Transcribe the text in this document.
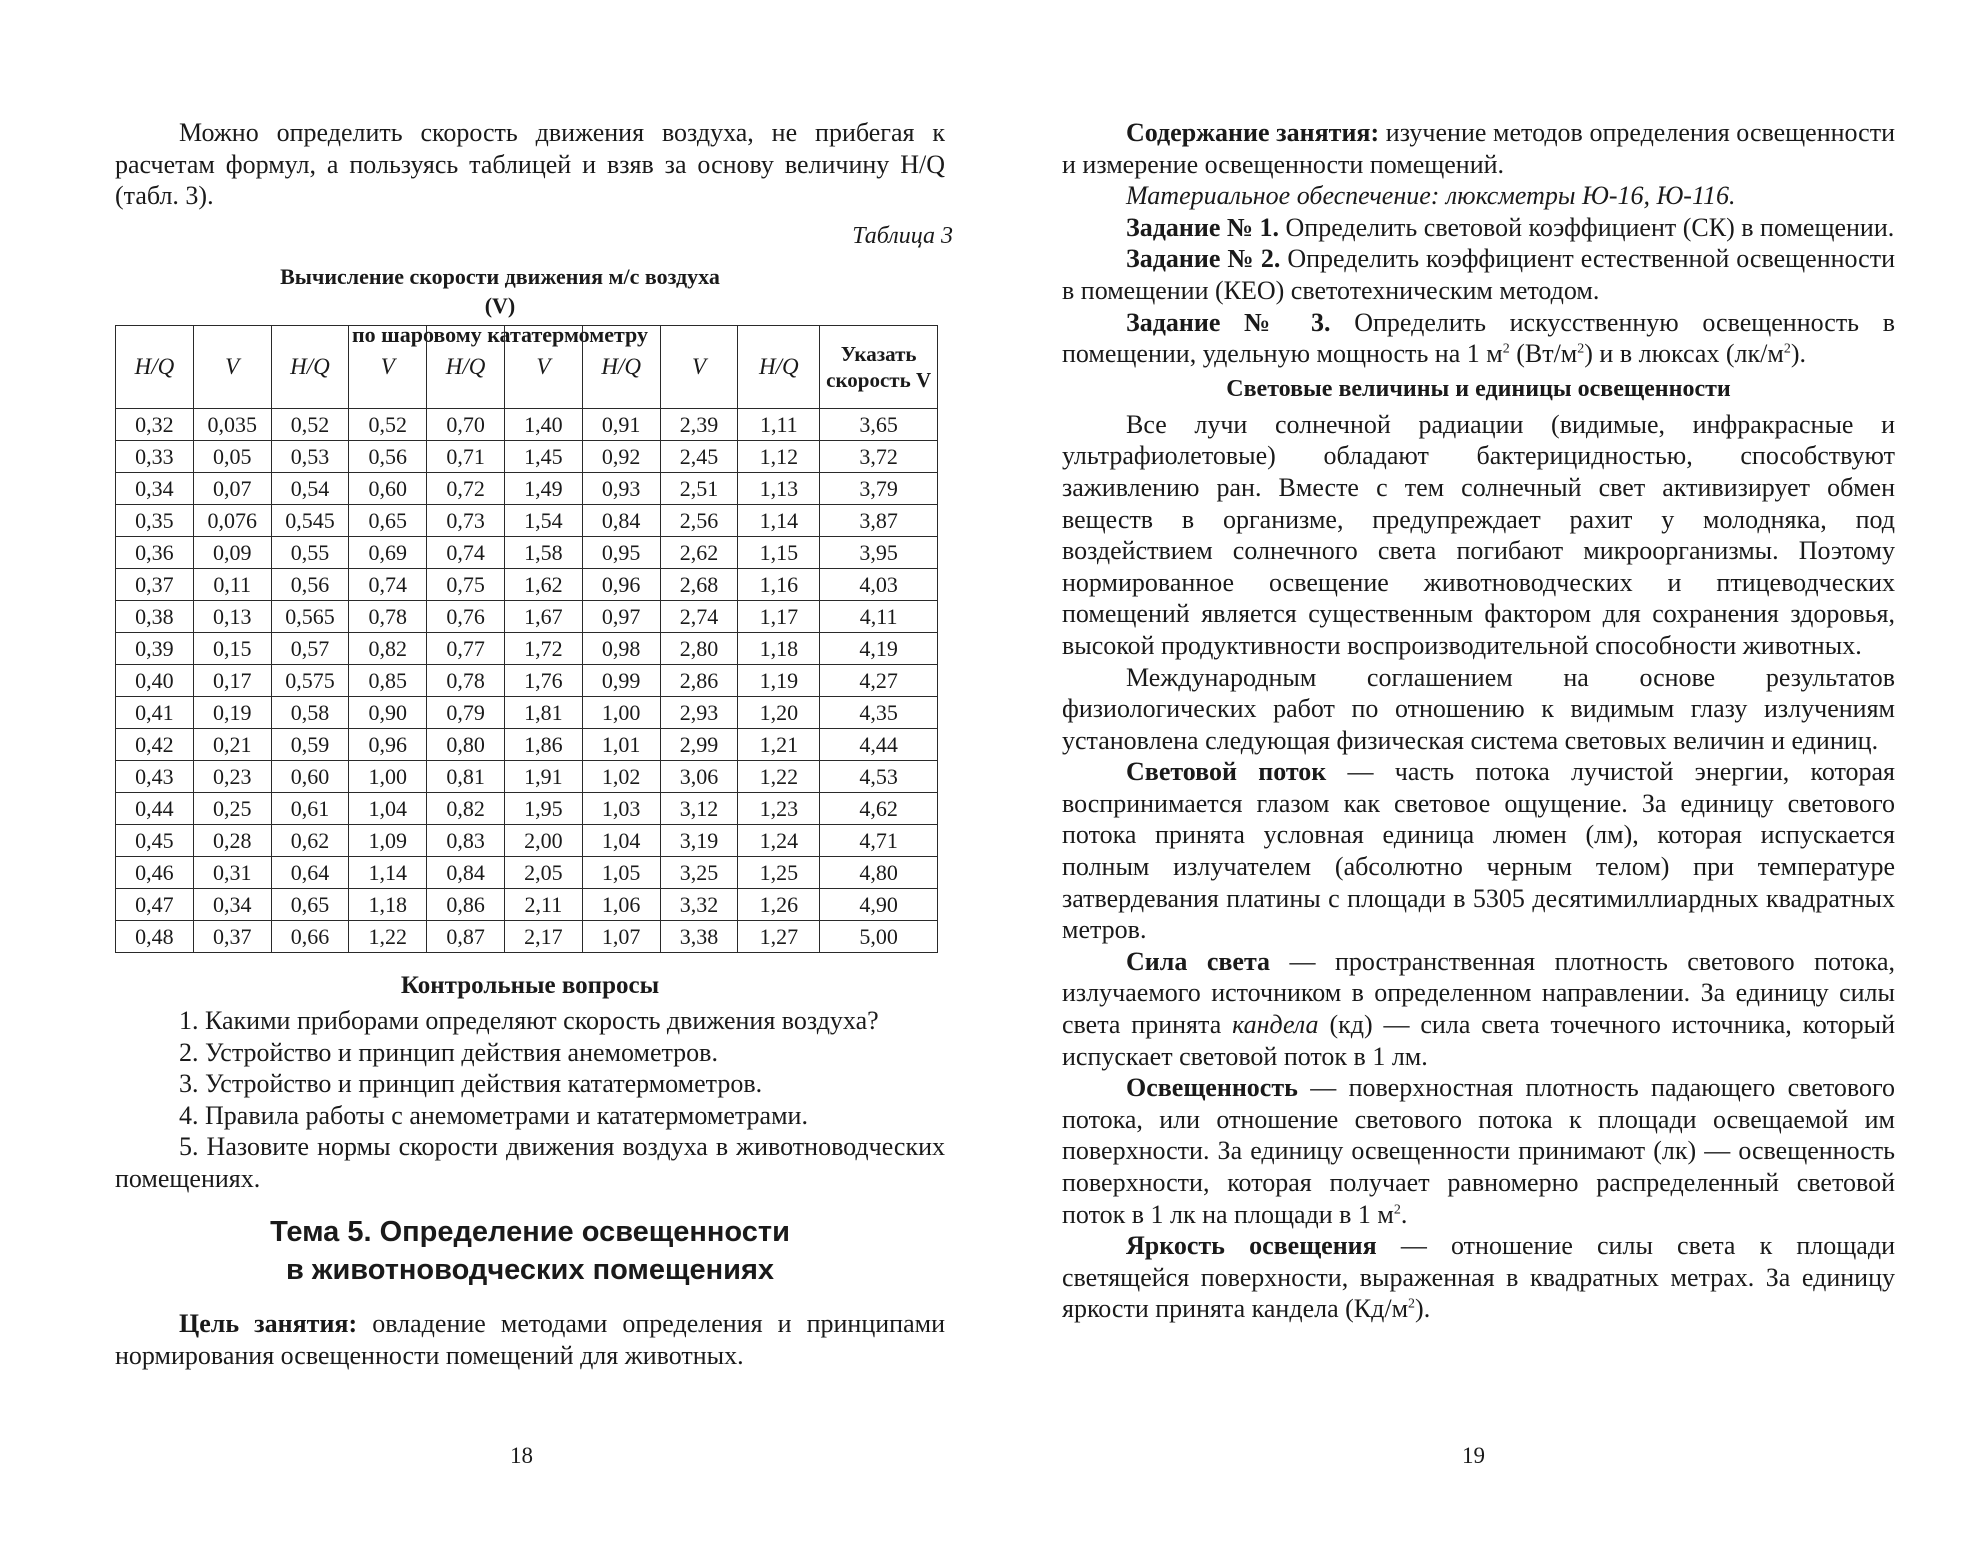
Можно определить скорость движения воздуха, не прибегая к расчетам формул, а пользуясь таблицей и взяв за основу величину H/Q (табл. 3).

Таблица 3
Вычисление скорости движения м/с воздуха (V)
по шаровому кататермометру
H/Q	V	H/Q	V	H/Q	V	H/Q	V	H/Q	Указать скорость V
0,32	0,035	0,52	0,52	0,70	1,40	0,91	2,39	1,11	3,65
0,33	0,05	0,53	0,56	0,71	1,45	0,92	2,45	1,12	3,72
0,34	0,07	0,54	0,60	0,72	1,49	0,93	2,51	1,13	3,79
0,35	0,076	0,545	0,65	0,73	1,54	0,84	2,56	1,14	3,87
0,36	0,09	0,55	0,69	0,74	1,58	0,95	2,62	1,15	3,95
0,37	0,11	0,56	0,74	0,75	1,62	0,96	2,68	1,16	4,03
0,38	0,13	0,565	0,78	0,76	1,67	0,97	2,74	1,17	4,11
0,39	0,15	0,57	0,82	0,77	1,72	0,98	2,80	1,18	4,19
0,40	0,17	0,575	0,85	0,78	1,76	0,99	2,86	1,19	4,27
0,41	0,19	0,58	0,90	0,79	1,81	1,00	2,93	1,20	4,35
0,42	0,21	0,59	0,96	0,80	1,86	1,01	2,99	1,21	4,44
0,43	0,23	0,60	1,00	0,81	1,91	1,02	3,06	1,22	4,53
0,44	0,25	0,61	1,04	0,82	1,95	1,03	3,12	1,23	4,62
0,45	0,28	0,62	1,09	0,83	2,00	1,04	3,19	1,24	4,71
0,46	0,31	0,64	1,14	0,84	2,05	1,05	3,25	1,25	4,80
0,47	0,34	0,65	1,18	0,86	2,11	1,06	3,32	1,26	4,90
0,48	0,37	0,66	1,22	0,87	2,17	1,07	3,38	1,27	5,00
Контрольные вопросы

1. Какими приборами определяют скорость движения воздуха?

2. Устройство и принцип действия анемометров.

3. Устройство и принцип действия кататермометров.

4. Правила работы с анемометрами и кататермометрами.

5. Назовите нормы скорости движения воздуха в животноводческих помещениях.

Тема 5. Определение освещенности
в животноводческих помещениях

Цель занятия: овладение методами определения и принципами нормирования освещенности помещений для животных.

Содержание занятия: изучение методов определения освещенности и измерение освещенности помещений.

Материальное обеспечение: люксметры Ю-16, Ю-116.

Задание № 1. Определить световой коэффициент (СК) в помещении.

Задание № 2. Определить коэффициент естественной освещенности в помещении (КЕО) светотехническим методом.

Задание № 3. Определить искусственную освещенность в помещении, удельную мощность на 1 $м^2$ $(Вт/м^2)$ и в люксах $(лк/м^2)$.

Световые величины и единицы освещенности

Все лучи солнечной радиации (видимые, инфракрасные и ультрафиолетовые) обладают бактерицидностью, способствуют заживлению ран. Вместе с тем солнечный свет активизирует обмен веществ в организме, предупреждает рахит у молодняка, под воздействием солнечного света погибают микроорганизмы. Поэтому нормированное освещение животноводческих и птицеводческих помещений является существенным фактором для сохранения здоровья, высокой продуктивности воспроизводительной способности животных.

Международным соглашением на основе результатов физиологических работ по отношению к видимым глазу излучениям установлена следующая физическая система световых величин и единиц.

Световой поток — часть потока лучистой энергии, которая воспринимается глазом как световое ощущение. За единицу светового потока принята условная единица люмен (лм), которая испускается полным излучателем (абсолютно черным телом) при температуре затвердевания платины с площади в 5305 десятимиллиардных квадратных метров.

Сила света — пространственная плотность светового потока, излучаемого источником в определенном направлении. За единицу силы света принята кандела (кд) — сила света точечного источника, который испускает световой поток в 1 лм.

Освещенность — поверхностная плотность падающего светового потока, или отношение светового потока к площади освещаемой им поверхности. За единицу освещенности принимают (лк) — освещенность поверхности, которая получает равномерно распределенный световой поток в 1 лк на площади в 1 $м^2$.

Яркость освещения — отношение силы света к площади светящейся поверхности, выраженная в квадратных метрах. За единицу яркости принята кандела $(Кд/м^2)$.

18	19
